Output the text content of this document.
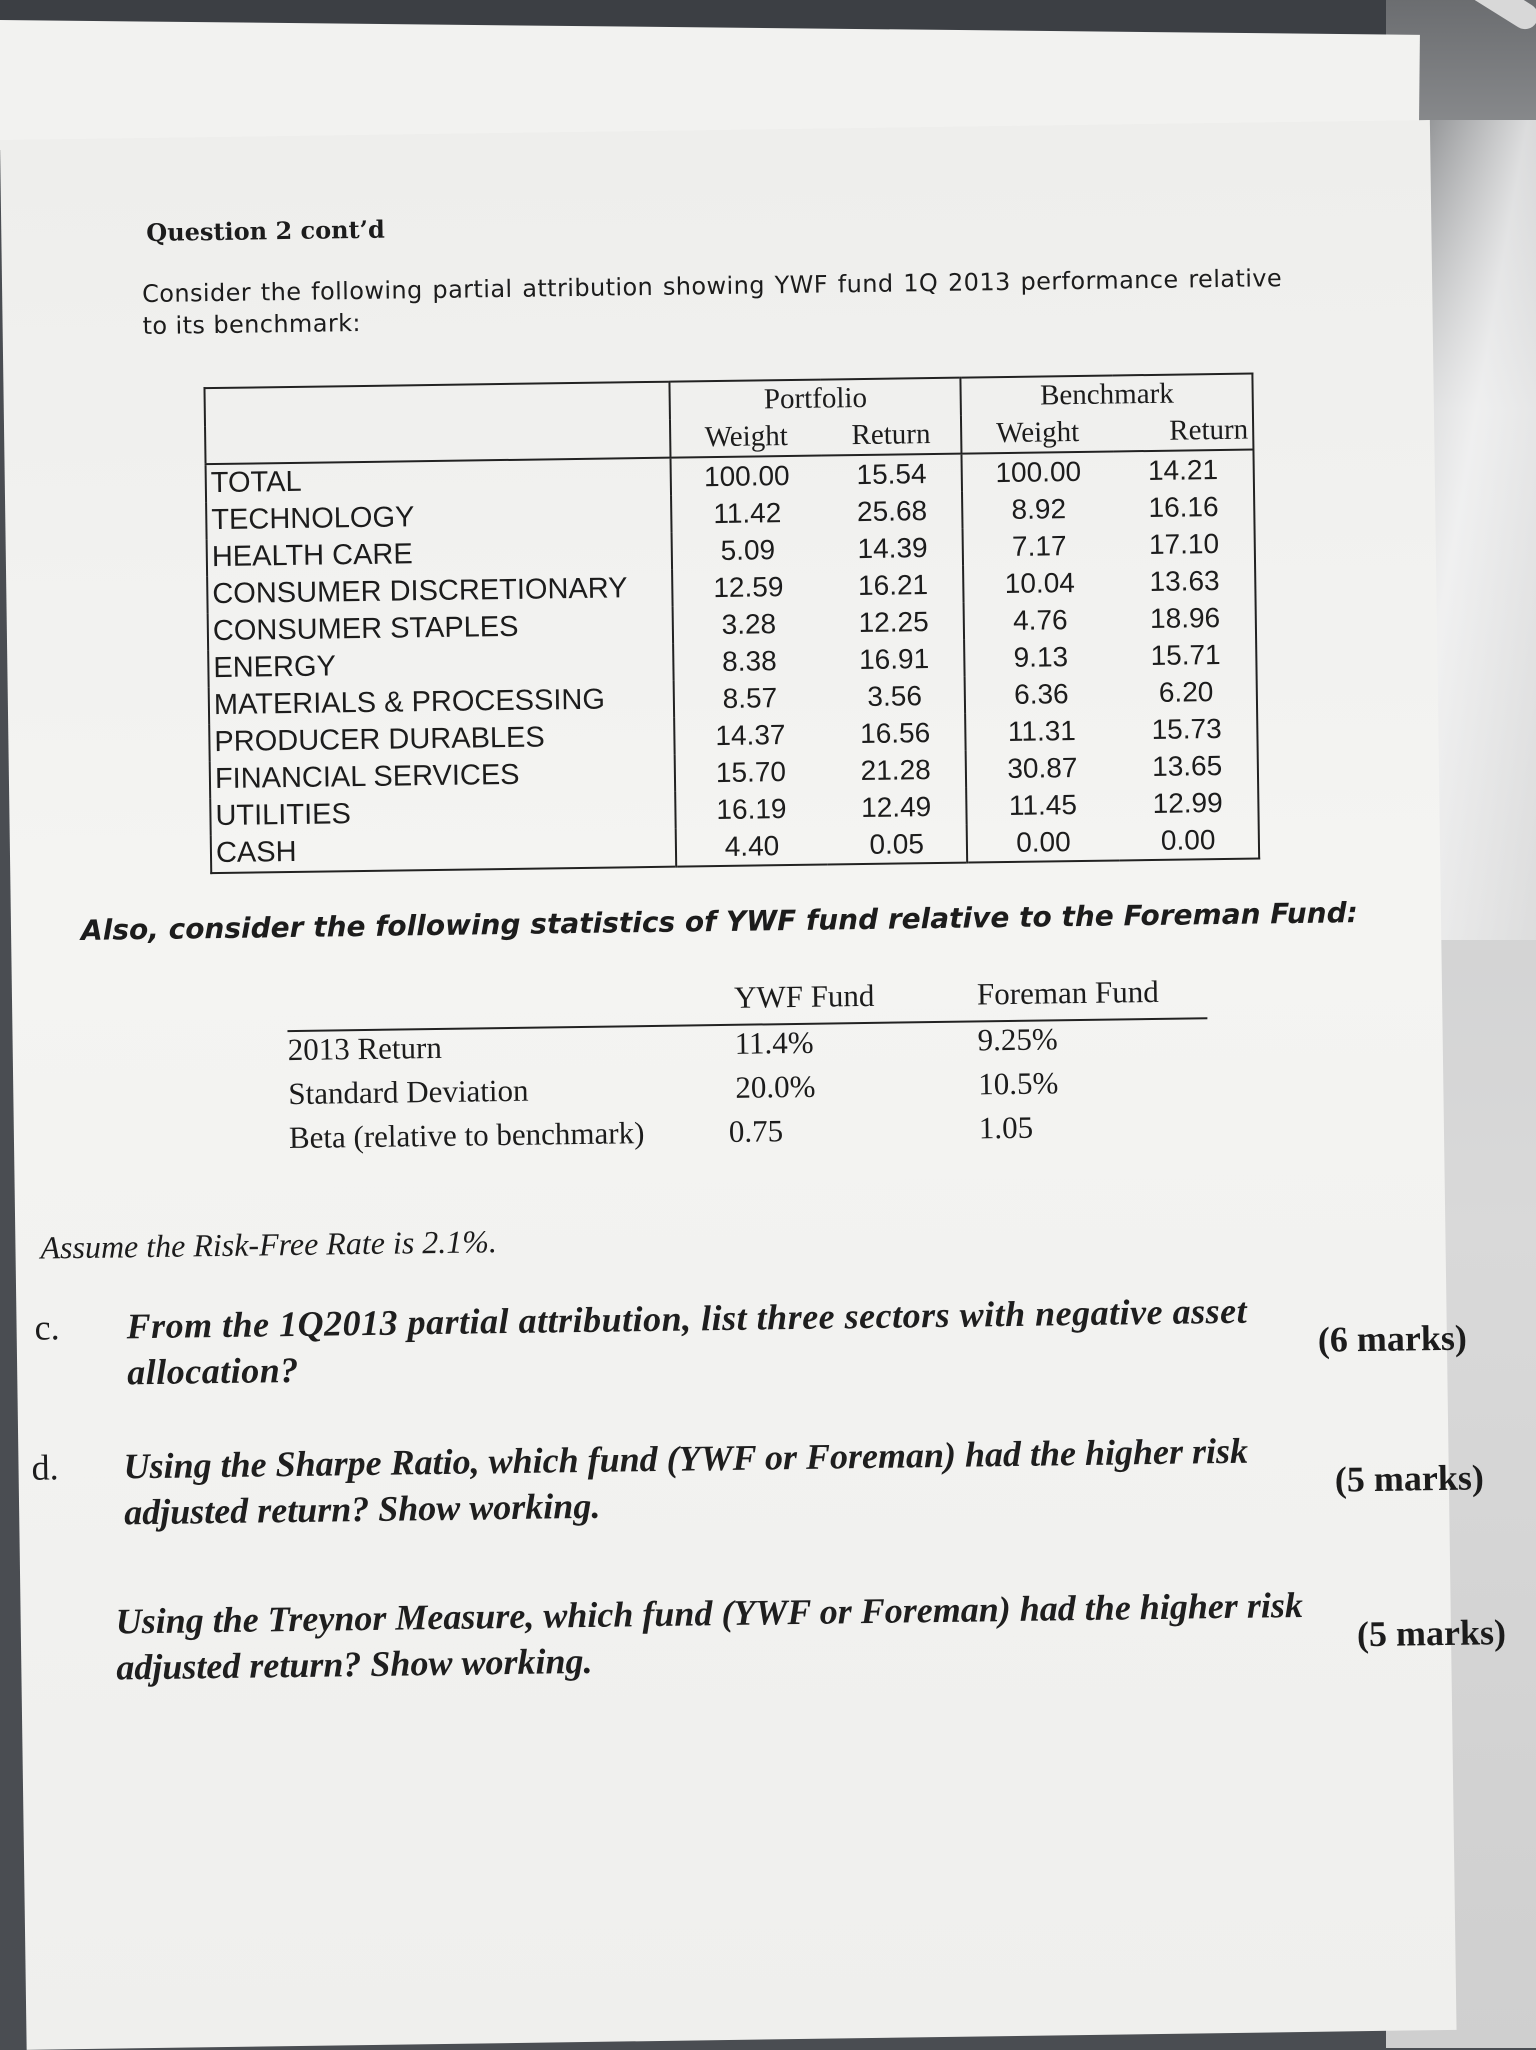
Question 2 cont’d
Consider the following partial attribution showing YWF fund 1Q 2013 performance relative to its benchmark:
	Portfolio		Benchmark	
	Weight	Return	Weight	Return
TOTAL	100.00	15.54	100.00	14.21
TECHNOLOGY	11.42	25.68	8.92	16.16
HEALTH CARE	5.09	14.39	7.17	17.10
CONSUMER DISCRETIONARY	12.59	16.21	10.04	13.63
CONSUMER STAPLES	3.28	12.25	4.76	18.96
ENERGY	8.38	16.91	9.13	15.71
MATERIALS & PROCESSING	8.57	3.56	6.36	6.20
PRODUCER DURABLES	14.37	16.56	11.31	15.73
FINANCIAL SERVICES	15.70	21.28	30.87	13.65
UTILITIES	16.19	12.49	11.45	12.99
CASH	4.40	0.05	0.00	0.00
Also, consider the following statistics of YWF fund relative to the Foreman Fund:
YWF Fund	Foreman Fund
2013 Return	11.4%	9.25%
Standard Deviation	20.0%	10.5%
Beta (relative to benchmark)	0.75	1.05
Assume the Risk-Free Rate is 2.1%.
c. From the 1Q2013 partial attribution, list three sectors with negative asset allocation?
(6 marks)
d. Using the Sharpe Ratio, which fund (YWF or Foreman) had the higher risk adjusted return? Show working.
(5 marks)
Using the Treynor Measure, which fund (YWF or Foreman) had the higher risk adjusted return? Show working.
(5 marks)
